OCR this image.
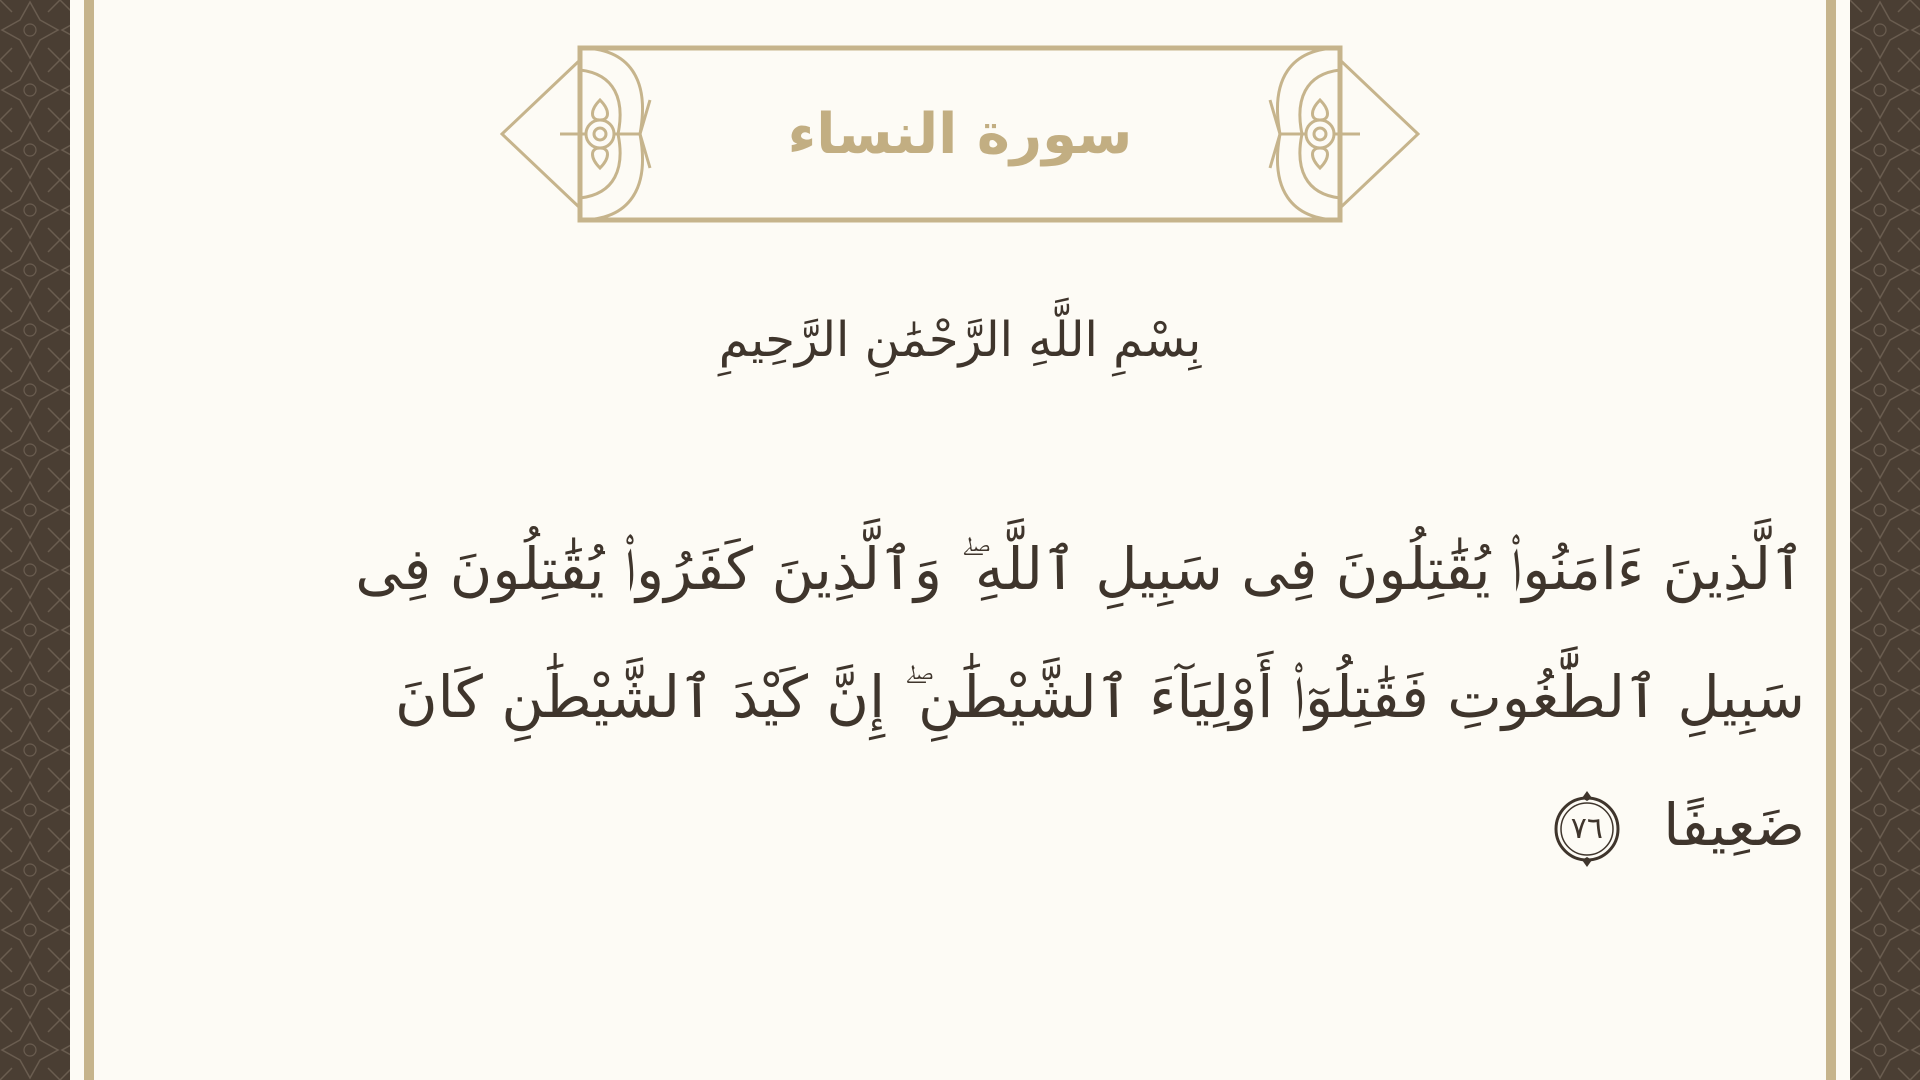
سورة النساء
بِسْمِ اللَّهِ الرَّحْمَٰنِ الرَّحِيمِ
ٱلَّذِينَ ءَامَنُوا۟ يُقَٰتِلُونَ فِى سَبِيلِ ٱللَّهِ ۖ وَٱلَّذِينَ كَفَرُوا۟ يُقَٰتِلُونَ فِى سَبِيلِ ٱلطَّٰغُوتِ فَقَٰتِلُوٓا۟ أَوْلِيَآءَ ٱلشَّيْطَٰنِ ۖ إِنَّ كَيْدَ ٱلشَّيْطَٰنِ كَانَ ضَعِيفًا
٧٦
